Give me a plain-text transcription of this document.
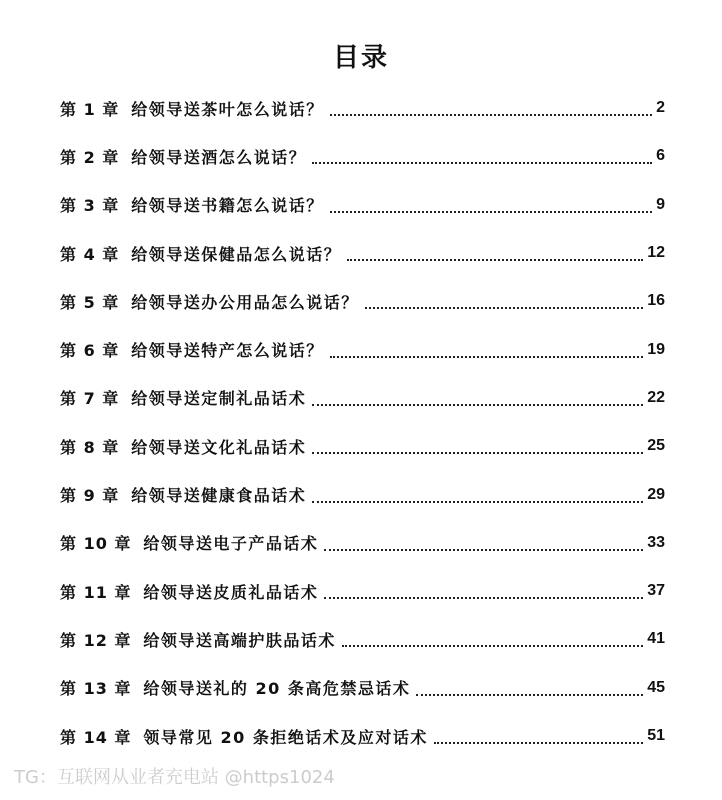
目录
第 1 章 给领导送茶叶怎么说话？	2
第 2 章 给领导送酒怎么说话？	6
第 3 章 给领导送书籍怎么说话？	9
第 4 章 给领导送保健品怎么说话？	12
第 5 章 给领导送办公用品怎么说话？	16
第 6 章 给领导送特产怎么说话？	19
第 7 章 给领导送定制礼品话术	22
第 8 章 给领导送文化礼品话术	25
第 9 章 给领导送健康食品话术	29
第 10 章 给领导送电子产品话术	33
第 11 章 给领导送皮质礼品话术	37
第 12 章 给领导送高端护肤品话术	41
第 13 章 给领导送礼的 20 条高危禁忌话术	45
第 14 章 领导常见 20 条拒绝话术及应对话术	51
TG：互联网从业者充电站 @https1024
